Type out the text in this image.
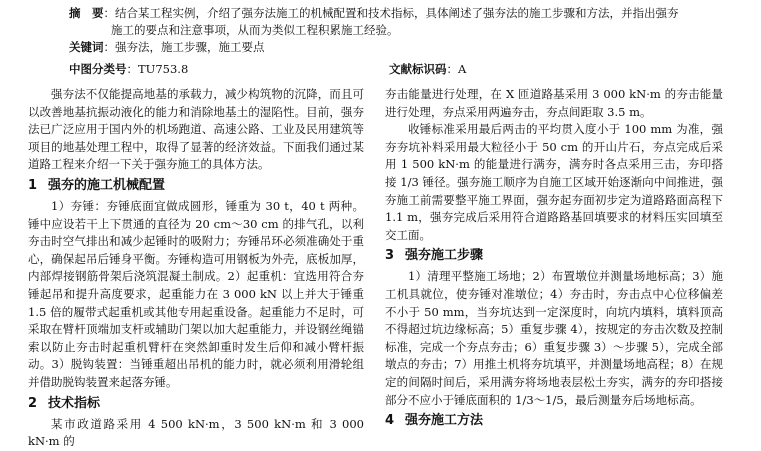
摘　要：结合某工程实例，介绍了强夯法施工的机械配置和技术指标，具体阐述了强夯法的施工步骤和方法，并指出强夯
施工的要点和注意事项，从而为类似工程积累施工经验。
关键词：强夯法，施工步骤，施工要点
中图分类号：TU753.8	文献标识码：A

强夯法不仅能提高地基的承载力，减少构筑物的沉降，而且可以改善地基抗振动液化的能力和消除地基土的湿陷性。目前，强夯法已广泛应用于国内外的机场跑道、高速公路、工业及民用建筑等项目的地基处理工程中，取得了显著的经济效益。下面我们通过某道路工程来介绍一下关于强夯施工的具体方法。

1 强夯的施工机械配置

1）夯锤：夯锤底面宜做成圆形，锤重为 30 t，40 t 两种。锤中应设若干上下贯通的直径为 20 cm～30 cm 的排气孔，以利夯击时空气排出和减少起锤时的吸附力；夯锤吊环必须准确处于重心，确保起吊后锤身平衡。夯锤构造可用钢板为外壳，底板加厚，内部焊接钢筋骨架后浇筑混凝土制成。2）起重机：宜选用符合夯锤起吊和提升高度要求，起重能力在 3 000 kN 以上并大于锤重 1.5 倍的履带式起重机或其他专用起重设备。起重能力不足时，可采取在臂杆顶端加支杆或辅助门架以加大起重能力，并设钢丝绳锚索以防止夯击时起重机臂杆在突然卸重时发生后仰和减小臂杆振动。3）脱钩装置：当锤重超出吊机的能力时，就必须利用滑轮组并借助脱钩装置来起落夯锤。

2 技术指标

某市政道路采用 4 500 kN·m，3 500 kN·m 和 3 000 kN·m 的

夯击能量进行处理，在 X 匝道路基采用 3 000 kN·m 的夯击能量进行处理，夯点采用两遍夯击，夯点间距取 3.5 m。

收锤标准采用最后两击的平均贯入度小于 100 mm 为准，强夯夯坑补料采用最大粒径小于 50 cm 的开山片石，夯点完成后采用 1 500 kN·m 的能量进行满夯，满夯时各点采用三击，夯印搭接 1/3 锤径。强夯施工顺序为自施工区域开始逐渐向中间推进，强夯施工前需要整平施工界面，强夯起夯面初步定为道路路面高程下 1.1 m，强夯完成后采用符合道路路基回填要求的材料压实回填至交工面。

3 强夯施工步骤

1）清理平整施工场地；2）布置墩位并测量场地标高；3）施工机具就位，使夯锤对准墩位；4）夯击时，夯击点中心位移偏差不小于 50 mm，当夯坑达到一定深度时，向坑内填料，填料顶高不得超过坑边缘标高；5）重复步骤 4），按规定的夯击次数及控制标准，完成一个夯点夯击；6）重复步骤 3）～步骤 5），完成全部墩点的夯击；7）用推土机将夯坑填平，并测量场地高程；8）在规定的间隔时间后，采用满夯将场地表层松土夯实，满夯的夯印搭接部分不应小于锤底面积的 1/3～1/5，最后测量夯后场地标高。

4 强夯施工方法
